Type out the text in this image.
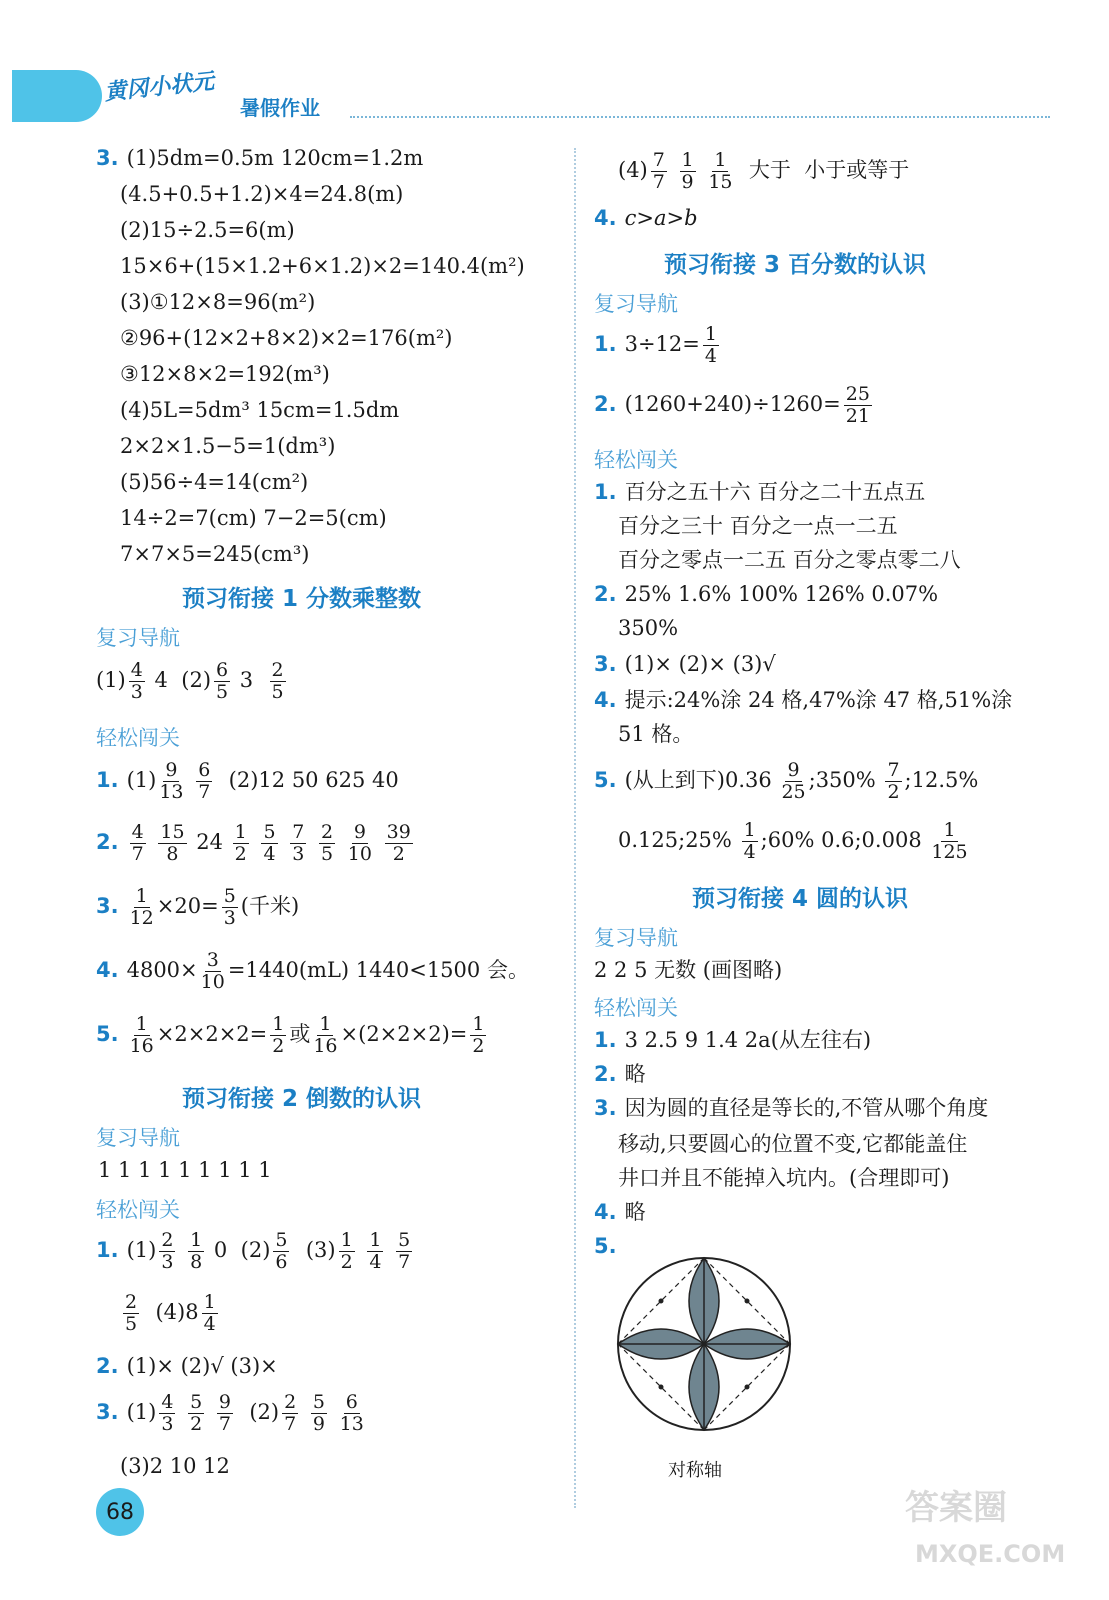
黄冈小状元
暑假作业
3. (1)5dm=0.5m 120cm=1.2m
(4.5+0.5+1.2)×4=24.8(m)
(2)15÷2.5=6(m)
15×6+(15×1.2+6×1.2)×2=140.4(m²)
(3)①12×8=96(m²)
②96+(12×2+8×2)×2=176(m²)
③12×8×2=192(m³)
(4)5L=5dm³ 15cm=1.5dm
2×2×1.5−5=1(dm³)
(5)56÷4=14(cm²)
14÷2=7(cm) 7−2=5(cm)
7×7×5=245(cm³)
预习衔接 1 分数乘整数
复习导航
$(1) \frac{4}{3} 4$ $(2) \frac{6}{5} 3 \frac{2}{5}$
轻松闯关
1. $(1) \frac{9}{13}$
$\frac{6}{7} (2)12$ 50 625 40
2. $\frac{4}{7}$
$\frac{15}{8} 24 \frac{1}{2}$
$\frac{5}{4}$
$\frac{7}{3}$
$\frac{2}{5}$
$\frac{9}{10}$
$\frac{39}{2}$
3. $\frac{1}{12} \times 20= \frac{5}{3}$ (千米)
4. $4800\times \frac{3}{10} =1440(mL)$ 1440<1500 会。
5. $\frac{1}{16} \times 2\times 2\times 2= \frac{1}{2}$ 或 $\frac{1}{16} \times(2\times 2\times 2)= \frac{1}{2}$
预习衔接 2 倒数的认识
复习导航
1 1 1 1 1 1 1 1 1
轻松闯关
1. $(1) \frac{2}{3}$
$\frac{1}{8} 0$ $(2) \frac{5}{6} (3) \frac{1}{2}$
$\frac{1}{4}$
$\frac{5}{7}$
$\frac{2}{5} (4)8 \frac{1}{4}$
2. (1)× (2)√ (3)×
3. $(1) \frac{4}{3}$
$\frac{5}{2}$
$\frac{9}{7} (2) \frac{2}{7}$
$\frac{5}{9}$
$\frac{6}{13}$
(3)2 10 12
$(4) \frac{7}{7}$
$\frac{1}{9}$
$\frac{1}{15}$ 大于 小于或等于
4. c>a>b
预习衔接 3 百分数的认识
复习导航
1. $3\div 12= \frac{1}{4}$
2. $(1260+240)\div 1260= \frac{25}{21}$
轻松闯关
1. 百分之五十六 百分之二十五点五
百分之三十 百分之一点一二五
百分之零点一二五 百分之零点零二八
2. 25% 1.6% 100% 126% 0.07%
350%
3. (1)× (2)× (3)√
4. 提示:24%涂 24 格,47%涂 47 格,51%涂
51 格。
5. (从上到下)$0.36 \frac{9}{25}$ ;350% $\frac{7}{2}$ ;12.5%
0.125;25% $\frac{1}{4}$ ;60% 0.6;0.008 $\frac{1}{125}$
预习衔接 4 圆的认识
复习导航
2 2 5 无数 (画图略)
轻松闯关
1. 3 2.5 9 1.4 2a(从左往右)
2. 略
3. 因为圆的直径是等长的,不管从哪个角度
移动,只要圆心的位置不变,它都能盖住
井口并且不能掉入坑内。(合理即可)
4. 略
5.
对称轴
68	答案圈
MXQE.COM
